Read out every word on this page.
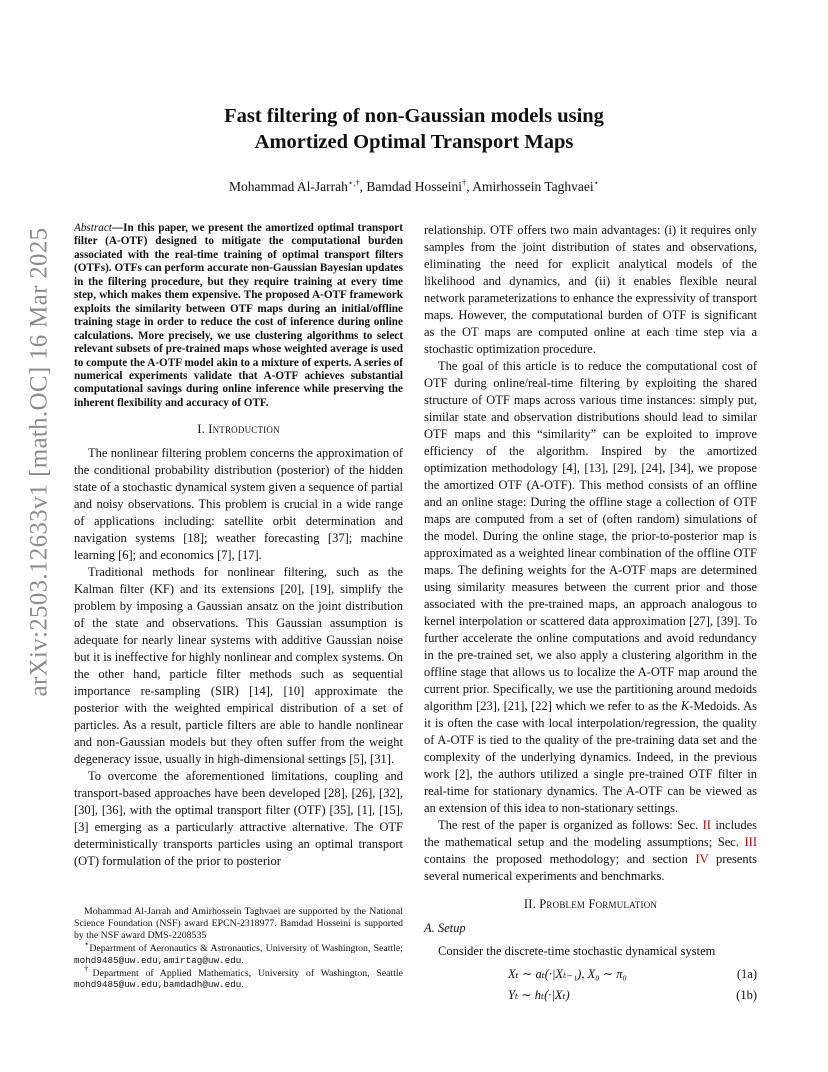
arXiv:2503.12633v1 [math.OC] 16 Mar 2025
Fast filtering of non-Gaussian models using
Amortized Optimal Transport Maps
Mohammad Al-Jarrah⋆,†, Bamdad Hosseini†, Amirhossein Taghvaei⋆

Abstract—In this paper, we present the amortized optimal transport filter (A-OTF) designed to mitigate the computational burden associated with the real-time training of optimal transport filters (OTFs). OTFs can perform accurate non-Gaussian Bayesian updates in the filtering procedure, but they require training at every time step, which makes them expensive. The proposed A-OTF framework exploits the similarity between OTF maps during an initial/offline training stage in order to reduce the cost of inference during online calculations. More precisely, we use clustering algorithms to select relevant subsets of pre-trained maps whose weighted average is used to compute the A-OTF model akin to a mixture of experts. A series of numerical experiments validate that A-OTF achieves substantial computational savings during online inference while preserving the inherent flexibility and accuracy of OTF.

I. Introduction

The nonlinear filtering problem concerns the approximation of the conditional probability distribution (posterior) of the hidden state of a stochastic dynamical system given a sequence of partial and noisy observations. This problem is crucial in a wide range of applications including: satellite orbit determination and navigation systems [18]; weather forecasting [37]; machine learning [6]; and economics [7], [17].

Traditional methods for nonlinear filtering, such as the Kalman filter (KF) and its extensions [20], [19], simplify the problem by imposing a Gaussian ansatz on the joint distribution of the state and observations. This Gaussian assumption is adequate for nearly linear systems with additive Gaussian noise but it is ineffective for highly nonlinear and complex systems. On the other hand, particle filter methods such as sequential importance re-sampling (SIR) [14], [10] approximate the posterior with the weighted empirical distribution of a set of particles. As a result, particle filters are able to handle nonlinear and non-Gaussian models but they often suffer from the weight degeneracy issue, usually in high-dimensional settings [5], [31].

To overcome the aforementioned limitations, coupling and transport-based approaches have been developed [28], [26], [32], [30], [36], with the optimal transport filter (OTF) [35], [1], [15], [3] emerging as a particularly attractive alternative. The OTF deterministically transports particles using an optimal transport (OT) formulation of the prior to posterior

Mohammad Al-Jarrah and Amirhossein Taghvaei are supported by the National Science Foundation (NSF) award EPCN-2318977. Bamdad Hosseini is supported by the NSF award DMS-2208535

⋆Department of Aeronautics & Astronautics, University of Washington, Seattle; mohd9485@uw.edu,amirtag@uw.edu.

†Department of Applied Mathematics, University of Washington, Seattle mohd9485@uw.edu,bamdadh@uw.edu.

relationship. OTF offers two main advantages: (i) it requires only samples from the joint distribution of states and observations, eliminating the need for explicit analytical models of the likelihood and dynamics, and (ii) it enables flexible neural network parameterizations to enhance the expressivity of transport maps. However, the computational burden of OTF is significant as the OT maps are computed online at each time step via a stochastic optimization procedure.

The goal of this article is to reduce the computational cost of OTF during online/real-time filtering by exploiting the shared structure of OTF maps across various time instances: simply put, similar state and observation distributions should lead to similar OTF maps and this “similarity” can be exploited to improve efficiency of the algorithm. Inspired by the amortized optimization methodology [4], [13], [29], [24], [34], we propose the amortized OTF (A-OTF). This method consists of an offline and an online stage: During the offline stage a collection of OTF maps are computed from a set of (often random) simulations of the model. During the online stage, the prior-to-posterior map is approximated as a weighted linear combination of the offline OTF maps. The defining weights for the A-OTF maps are determined using similarity measures between the current prior and those associated with the pre-trained maps, an approach analogous to kernel interpolation or scattered data approximation [27], [39]. To further accelerate the online computations and avoid redundancy in the pre-trained set, we also apply a clustering algorithm in the offline stage that allows us to localize the A-OTF map around the current prior. Specifically, we use the partitioning around medoids algorithm [23], [21], [22] which we refer to as the K-Medoids. As it is often the case with local interpolation/regression, the quality of A-OTF is tied to the quality of the pre-training data set and the complexity of the underlying dynamics. Indeed, in the previous work [2], the authors utilized a single pre-trained OTF filter in real-time for stationary dynamics. The A-OTF can be viewed as an extension of this idea to non-stationary settings.

The rest of the paper is organized as follows: Sec. II includes the mathematical setup and the modeling assumptions; Sec. III contains the proposed methodology; and section IV presents several numerical experiments and benchmarks.

II. Problem Formulation
A. Setup

Consider the discrete-time stochastic dynamical system

Xₜ ∼ aₜ(·|Xₜ₋₁), X₀ ∼ π₀	(1a)
Yₜ ∼ hₜ(·|Xₜ)	(1b)
